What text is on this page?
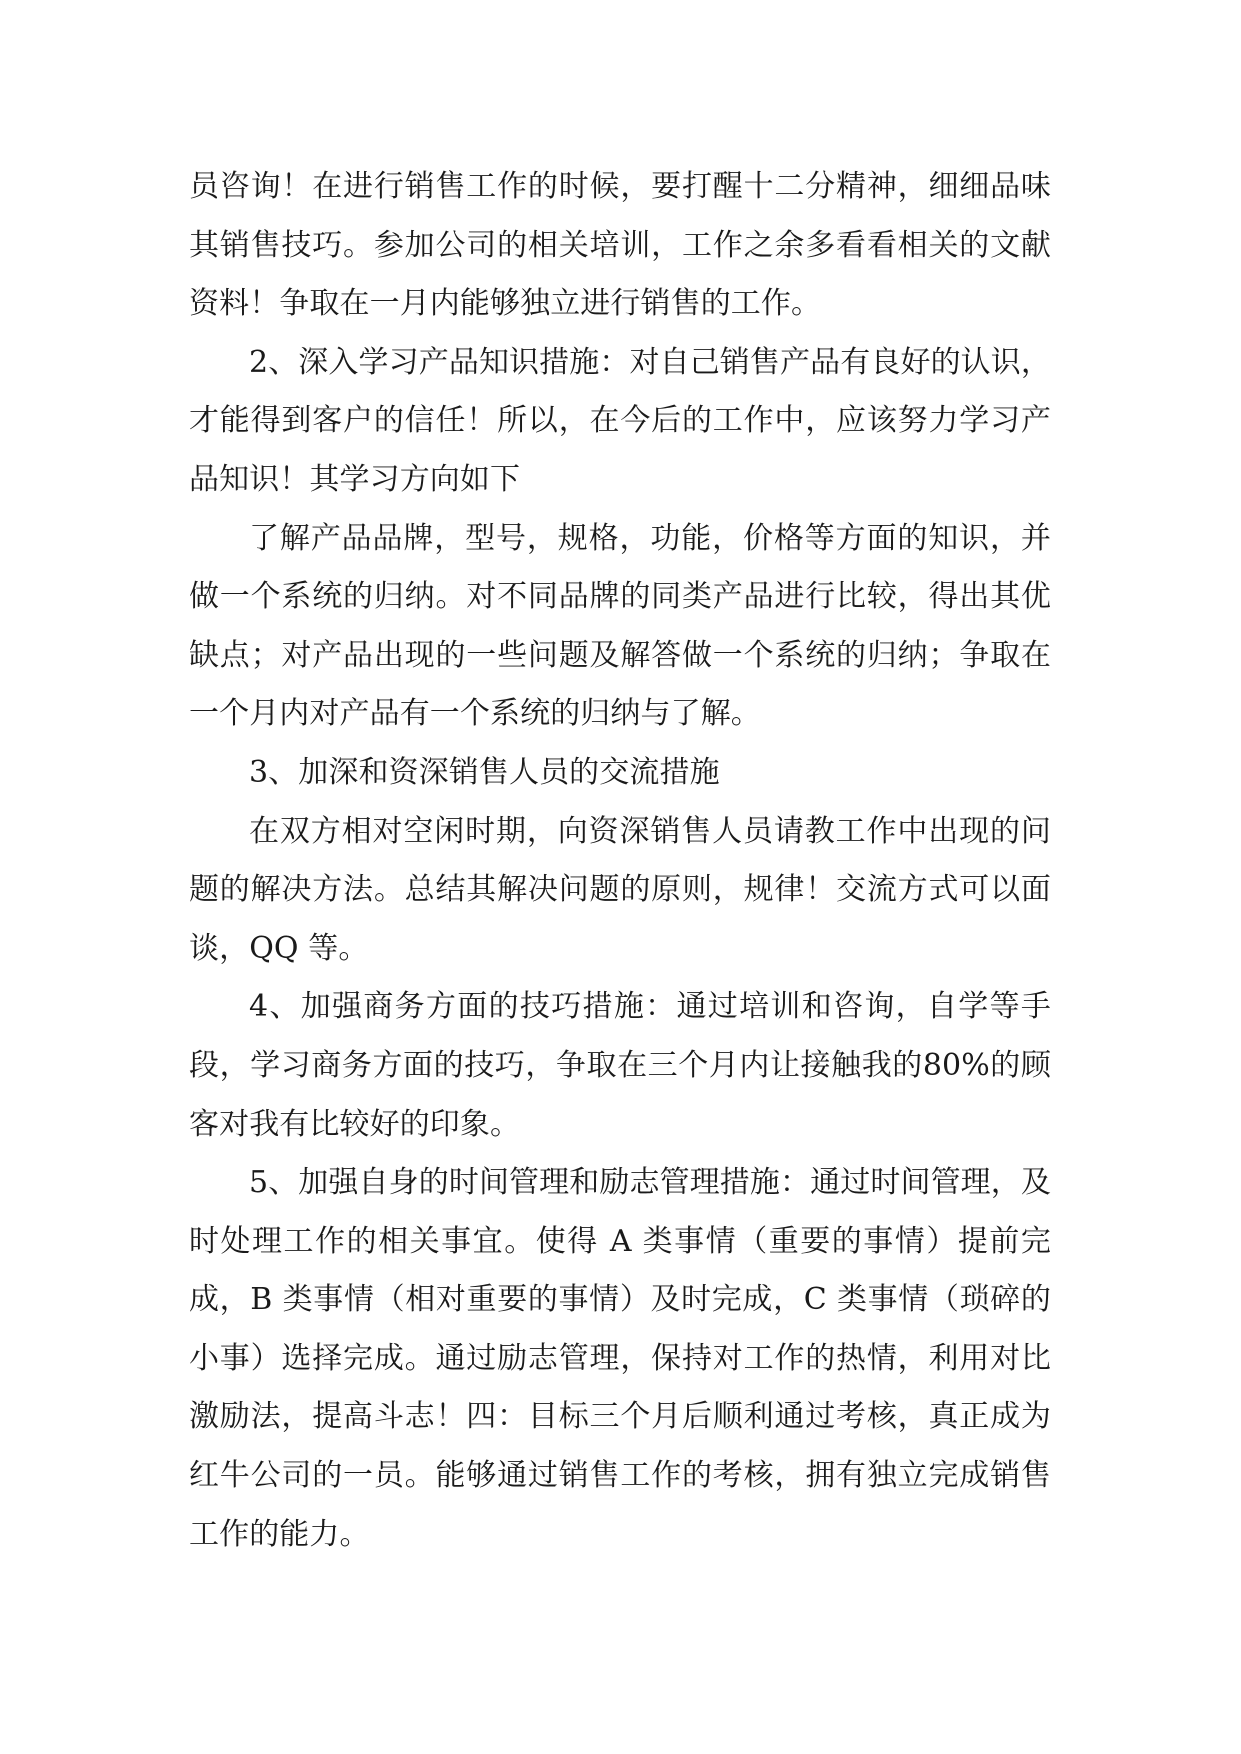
员咨询！在进行销售工作的时候，要打醒十二分精神，细细品味其销售技巧。参加公司的相关培训，工作之余多看看相关的文献资料！争取在一月内能够独立进行销售的工作。

2、深入学习产品知识措施：对自己销售产品有良好的认识，才能得到客户的信任！所以，在今后的工作中，应该努力学习产品知识！其学习方向如下

了解产品品牌，型号，规格，功能，价格等方面的知识，并做一个系统的归纳。对不同品牌的同类产品进行比较，得出其优缺点；对产品出现的一些问题及解答做一个系统的归纳；争取在一个月内对产品有一个系统的归纳与了解。

3、加深和资深销售人员的交流措施

在双方相对空闲时期，向资深销售人员请教工作中出现的问题的解决方法。总结其解决问题的原则，规律！交流方式可以面谈，QQ 等。

4、加强商务方面的技巧措施：通过培训和咨询，自学等手段，学习商务方面的技巧，争取在三个月内让接触我的80%的顾客对我有比较好的印象。

5、加强自身的时间管理和励志管理措施：通过时间管理，及时处理工作的相关事宜。使得 A 类事情（重要的事情）提前完成，B 类事情（相对重要的事情）及时完成，C 类事情（琐碎的小事）选择完成。通过励志管理，保持对工作的热情，利用对比激励法，提高斗志！四：目标三个月后顺利通过考核，真正成为红牛公司的一员。能够通过销售工作的考核，拥有独立完成销售工作的能力。
